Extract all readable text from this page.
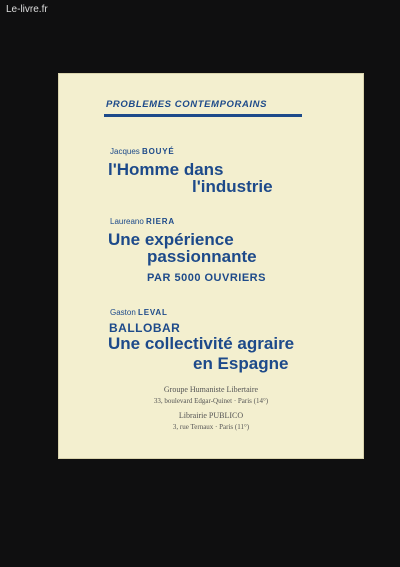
Le-livre.fr
PROBLEMES CONTEMPORAINS
Jacques BOUYÉ
l'Homme dans
l'industrie
Laureano RIERA
Une expérience
passionnante
PAR 5000 OUVRIERS
Gaston LEVAL
BALLOBAR
Une collectivité agraire
en Espagne
Groupe Humaniste Libertaire
33, boulevard Edgar-Quinet · Paris (14°)
Librairie PUBLICO
3, rue Ternaux · Paris (11°)
